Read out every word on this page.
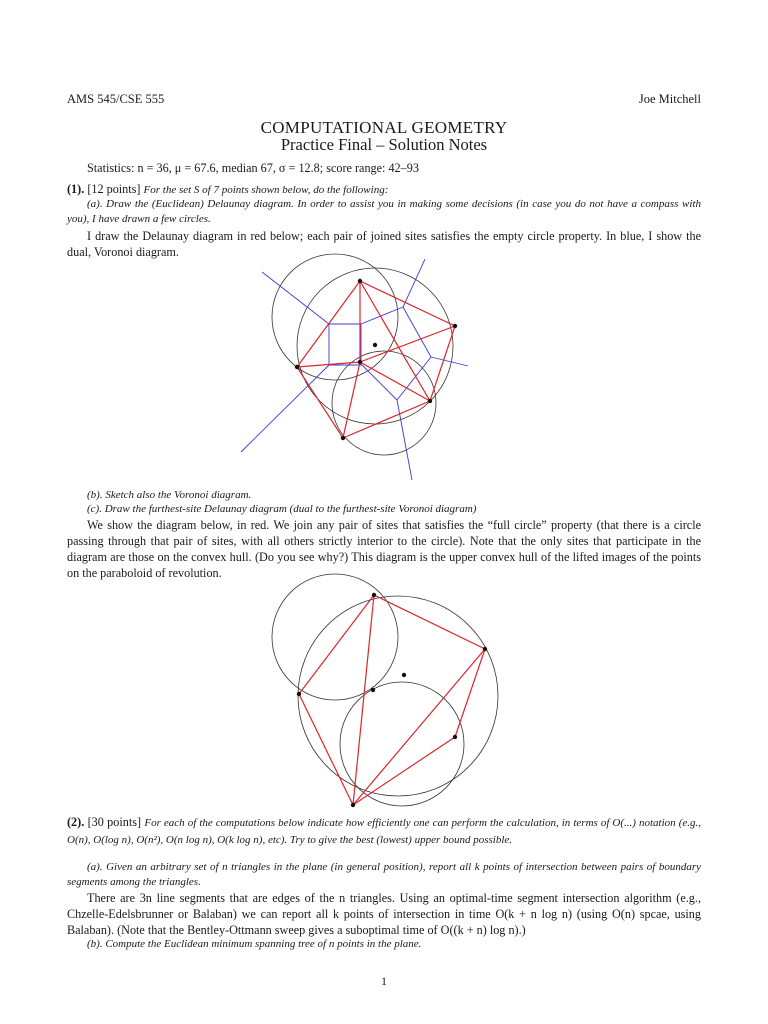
AMS 545/CSE 555	Joe Mitchell
COMPUTATIONAL GEOMETRY
Practice Final – Solution Notes
Statistics: n = 36, μ = 67.6, median 67, σ = 12.8; score range: 42–93
(1). [12 points] For the set S of 7 points shown below, do the following:
(a). Draw the (Euclidean) Delaunay diagram. In order to assist you in making some decisions (in case you do not have a compass with you), I have drawn a few circles.
I draw the Delaunay diagram in red below; each pair of joined sites satisfies the empty circle property. In blue, I show the dual, Voronoi diagram.
(b). Sketch also the Voronoi diagram.
(c). Draw the furthest-site Delaunay diagram (dual to the furthest-site Voronoi diagram)
We show the diagram below, in red. We join any pair of sites that satisfies the “full circle” property (that there is a circle passing through that pair of sites, with all others strictly interior to the circle). Note that the only sites that participate in the diagram are those on the convex hull. (Do you see why?) This diagram is the upper convex hull of the lifted images of the points on the paraboloid of revolution.
(2). [30 points] For each of the computations below indicate how efficiently one can perform the calculation, in terms of O(...) notation (e.g., O(n), O(log n), O(n²), O(n log n), O(k log n), etc). Try to give the best (lowest) upper bound possible.
(a). Given an arbitrary set of n triangles in the plane (in general position), report all k points of intersection between pairs of boundary segments among the triangles.
There are 3n line segments that are edges of the n triangles. Using an optimal-time segment intersection algorithm (e.g., Chzelle-Edelsbrunner or Balaban) we can report all k points of intersection in time O(k + n log n) (using O(n) spcae, using Balaban). (Note that the Bentley-Ottmann sweep gives a suboptimal time of O((k + n) log n).)
(b). Compute the Euclidean minimum spanning tree of n points in the plane.
1
